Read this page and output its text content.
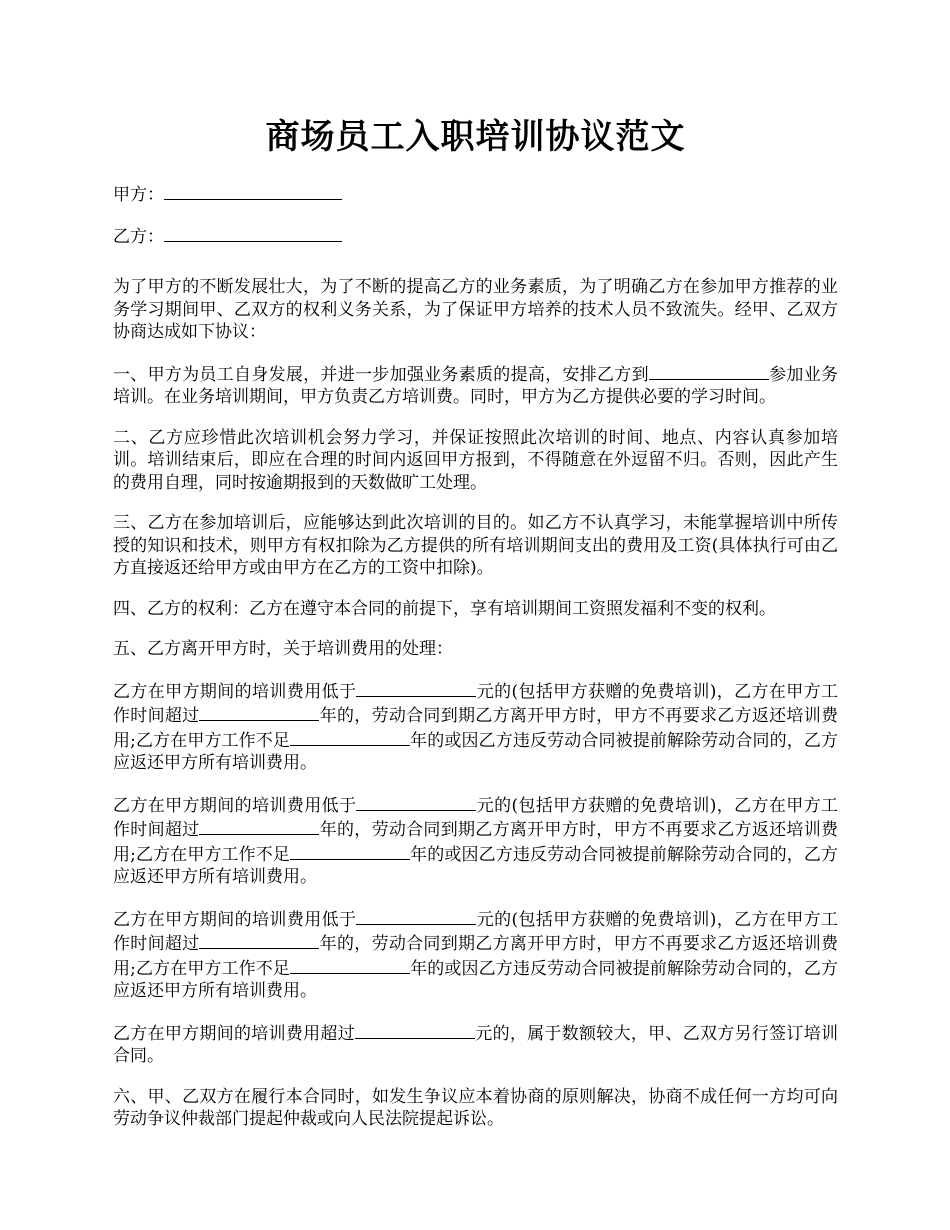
商场员工入职培训协议范文
甲方：
乙方：

为了甲方的不断发展壮大，为了不断的提高乙方的业务素质，为了明确乙方在参加甲方推荐的业务学习期间甲、乙双方的权利义务关系，为了保证甲方培养的技术人员不致流失。经甲、乙双方协商达成如下协议：

一、甲方为员工自身发展，并进一步加强业务素质的提高，安排乙方到	参加业务培训。在业务培训期间，甲方负责乙方培训费。同时，甲方为乙方提供必要的学习时间。

二、乙方应珍惜此次培训机会努力学习，并保证按照此次培训的时间、地点、内容认真参加培训。培训结束后，即应在合理的时间内返回甲方报到，不得随意在外逗留不归。否则，因此产生的费用自理，同时按逾期报到的天数做旷工处理。

三、乙方在参加培训后，应能够达到此次培训的目的。如乙方不认真学习，未能掌握培训中所传授的知识和技术，则甲方有权扣除为乙方提供的所有培训期间支出的费用及工资(具体执行可由乙方直接返还给甲方或由甲方在乙方的工资中扣除)。

四、乙方的权利：乙方在遵守本合同的前提下，享有培训期间工资照发福利不变的权利。

五、乙方离开甲方时，关于培训费用的处理：

乙方在甲方期间的培训费用低于	元的(包括甲方获赠的免费培训)，乙方在甲方工作时间超过	年的，劳动合同到期乙方离开甲方时，甲方不再要求乙方返还培训费用;乙方在甲方工作不足	年的或因乙方违反劳动合同被提前解除劳动合同的，乙方应返还甲方所有培训费用。

乙方在甲方期间的培训费用低于	元的(包括甲方获赠的免费培训)，乙方在甲方工作时间超过	年的，劳动合同到期乙方离开甲方时，甲方不再要求乙方返还培训费用;乙方在甲方工作不足	年的或因乙方违反劳动合同被提前解除劳动合同的，乙方应返还甲方所有培训费用。

乙方在甲方期间的培训费用低于	元的(包括甲方获赠的免费培训)，乙方在甲方工作时间超过	年的，劳动合同到期乙方离开甲方时，甲方不再要求乙方返还培训费用;乙方在甲方工作不足	年的或因乙方违反劳动合同被提前解除劳动合同的，乙方应返还甲方所有培训费用。

乙方在甲方期间的培训费用超过	元的，属于数额较大，甲、乙双方另行签订培训合同。

六、甲、乙双方在履行本合同时，如发生争议应本着协商的原则解决，协商不成任何一方均可向劳动争议仲裁部门提起仲裁或向人民法院提起诉讼。
